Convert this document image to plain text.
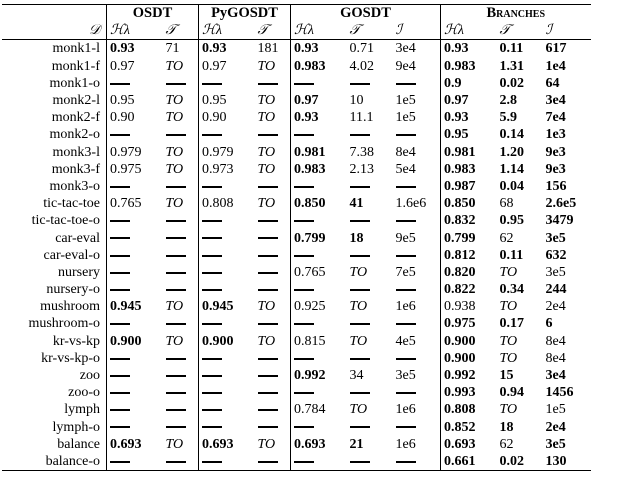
	OSDT		PyGOSDT		GOSDT			Branches		
𝒟	ℋλ	𝒯	ℋλ	𝒯	ℋλ	𝒯	ℐ	ℋλ	𝒯	ℐ
monk1-l	0.93	71	0.93	181	0.93	0.71	3e4	0.93	0.11	617
monk1-f	0.97	TO	0.97	TO	0.983	4.02	9e4	0.983	1.31	1e4
monk1-o								0.9	0.02	64
monk2-l	0.95	TO	0.95	TO	0.97	10	1e5	0.97	2.8	3e4
monk2-f	0.90	TO	0.90	TO	0.93	11.1	1e5	0.93	5.9	7e4
monk2-o								0.95	0.14	1e3
monk3-l	0.979	TO	0.979	TO	0.981	7.38	8e4	0.981	1.20	9e3
monk3-f	0.975	TO	0.973	TO	0.983	2.13	5e4	0.983	1.14	9e3
monk3-o								0.987	0.04	156
tic-tac-toe	0.765	TO	0.808	TO	0.850	41	1.6e6	0.850	68	2.6e5
tic-tac-toe-o								0.832	0.95	3479
car-eval					0.799	18	9e5	0.799	62	3e5
car-eval-o								0.812	0.11	632
nursery					0.765	TO	7e5	0.820	TO	3e5
nursery-o								0.822	0.34	244
mushroom	0.945	TO	0.945	TO	0.925	TO	1e6	0.938	TO	2e4
mushroom-o								0.975	0.17	6
kr-vs-kp	0.900	TO	0.900	TO	0.815	TO	4e5	0.900	TO	8e4
kr-vs-kp-o								0.900	TO	8e4
zoo					0.992	34	3e5	0.992	15	3e4
zoo-o								0.993	0.94	1456
lymph					0.784	TO	1e6	0.808	TO	1e5
lymph-o								0.852	18	2e4
balance	0.693	TO	0.693	TO	0.693	21	1e6	0.693	62	3e5
balance-o								0.661	0.02	130
